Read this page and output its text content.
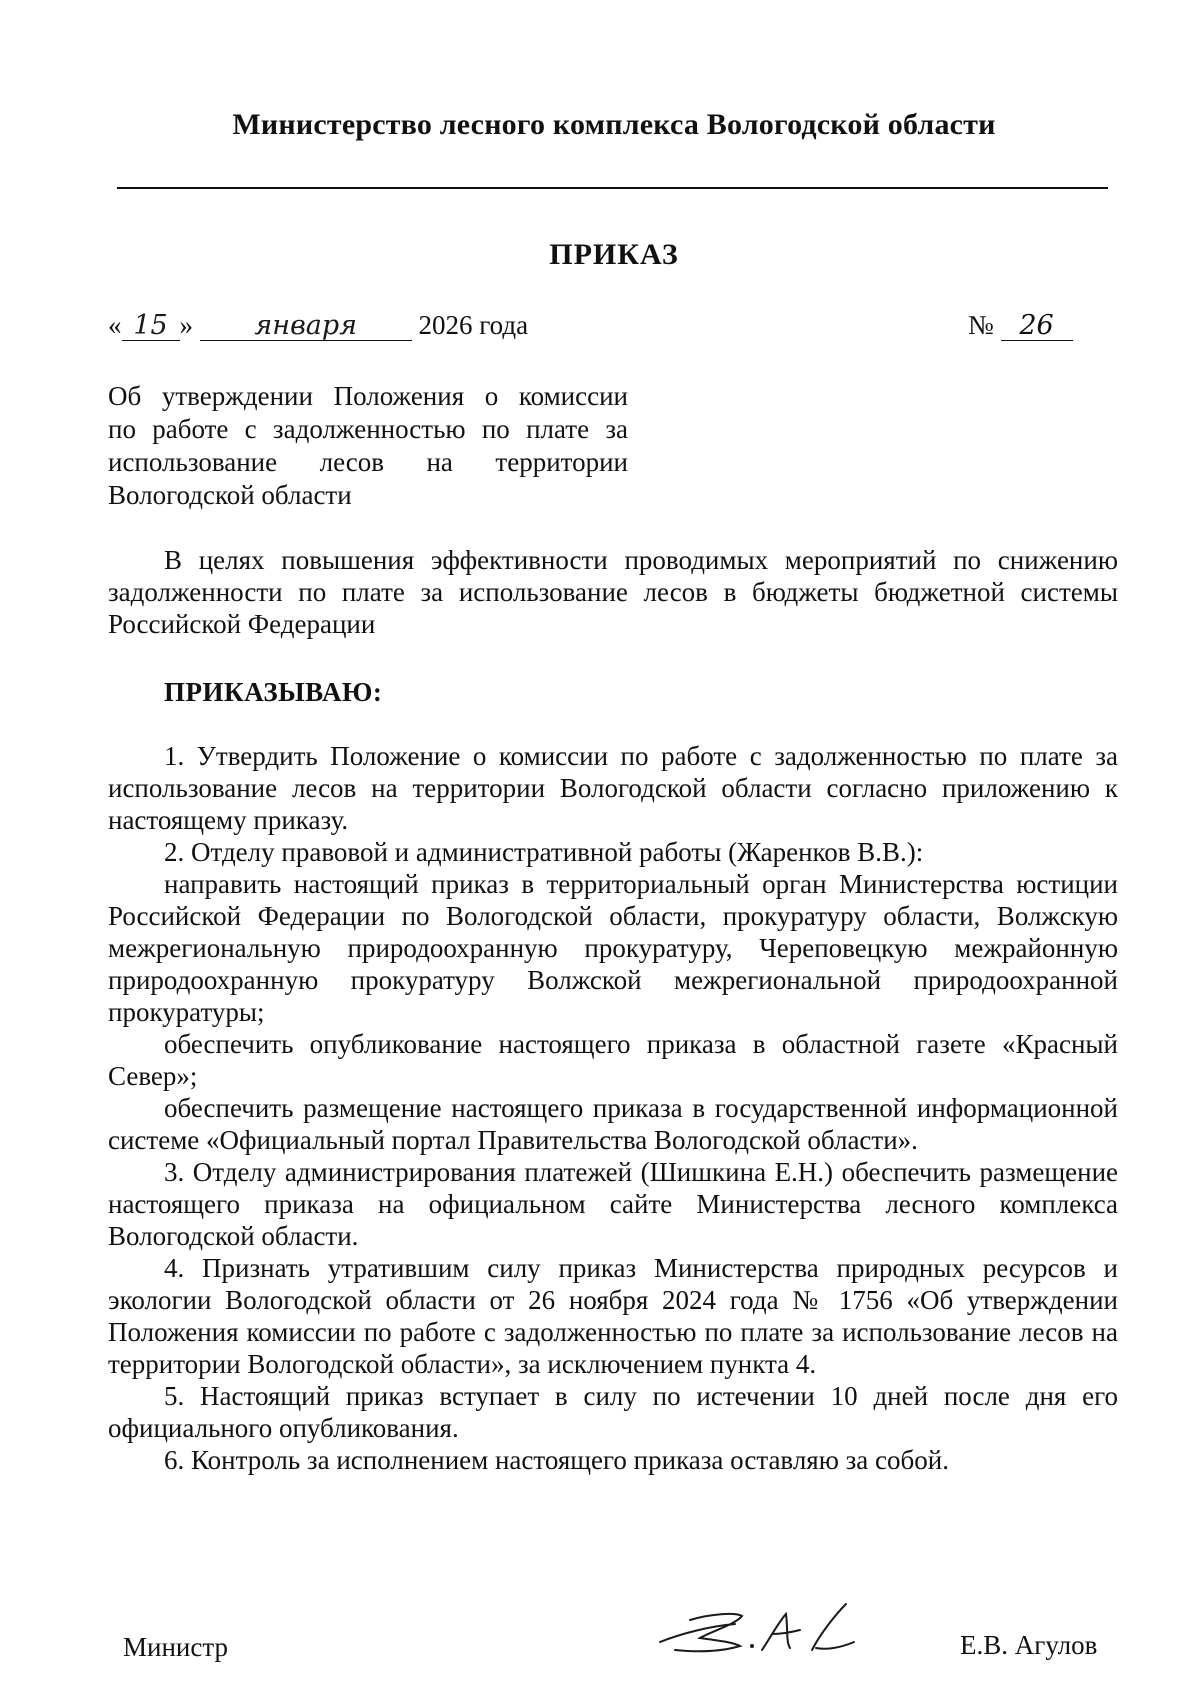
Министерство лесного комплекса Вологодской области
ПРИКАЗ
« 15 » января 2026 года	№ 26
Об утверждении Положения о комиссии
по работе с задолженностью по плате за
использование лесов на территории
Вологодской области

В целях повышения эффективности проводимых мероприятий по снижению задолженности по плате за использование лесов в бюджеты бюджетной системы Российской Федерации

ПРИКАЗЫВАЮ:

1. Утвердить Положение о комиссии по работе с задолженностью по плате за использование лесов на территории Вологодской области согласно приложению к настоящему приказу.

2. Отделу правовой и административной работы (Жаренков В.В.):

направить настоящий приказ в территориальный орган Министерства юстиции Российской Федерации по Вологодской области, прокуратуру области, Волжскую межрегиональную природоохранную прокуратуру, Череповецкую межрайонную природоохранную прокуратуру Волжской межрегиональной природоохранной прокуратуры;

обеспечить опубликование настоящего приказа в областной газете «Красный Север»;

обеспечить размещение настоящего приказа в государственной информационной системе «Официальный портал Правительства Вологодской области».

3. Отделу администрирования платежей (Шишкина Е.Н.) обеспечить размещение настоящего приказа на официальном сайте Министерства лесного комплекса Вологодской области.

4. Признать утратившим силу приказ Министерства природных ресурсов и экологии Вологодской области от 26 ноября 2024 года № 1756 «Об утверждении Положения комиссии по работе с задолженностью по плате за использование лесов на территории Вологодской области», за исключением пункта 4.

5. Настоящий приказ вступает в силу по истечении 10 дней после дня его официального опубликования.

6. Контроль за исполнением настоящего приказа оставляю за собой.

Министр	Е.В. Агулов
